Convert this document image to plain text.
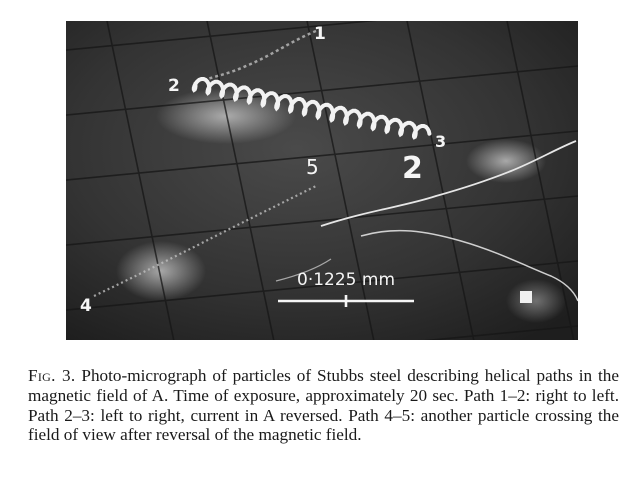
1
2
3
2
5
4
0·1225 mm
Fig. 3. Photo-micrograph of particles of Stubbs steel describing helical paths in the magnetic field of A. Time of exposure, approximately 20 sec. Path 1–2: right to left. Path 2–3: left to right, current in A reversed. Path 4–5: another particle crossing the field of view after reversal of the magnetic field.
